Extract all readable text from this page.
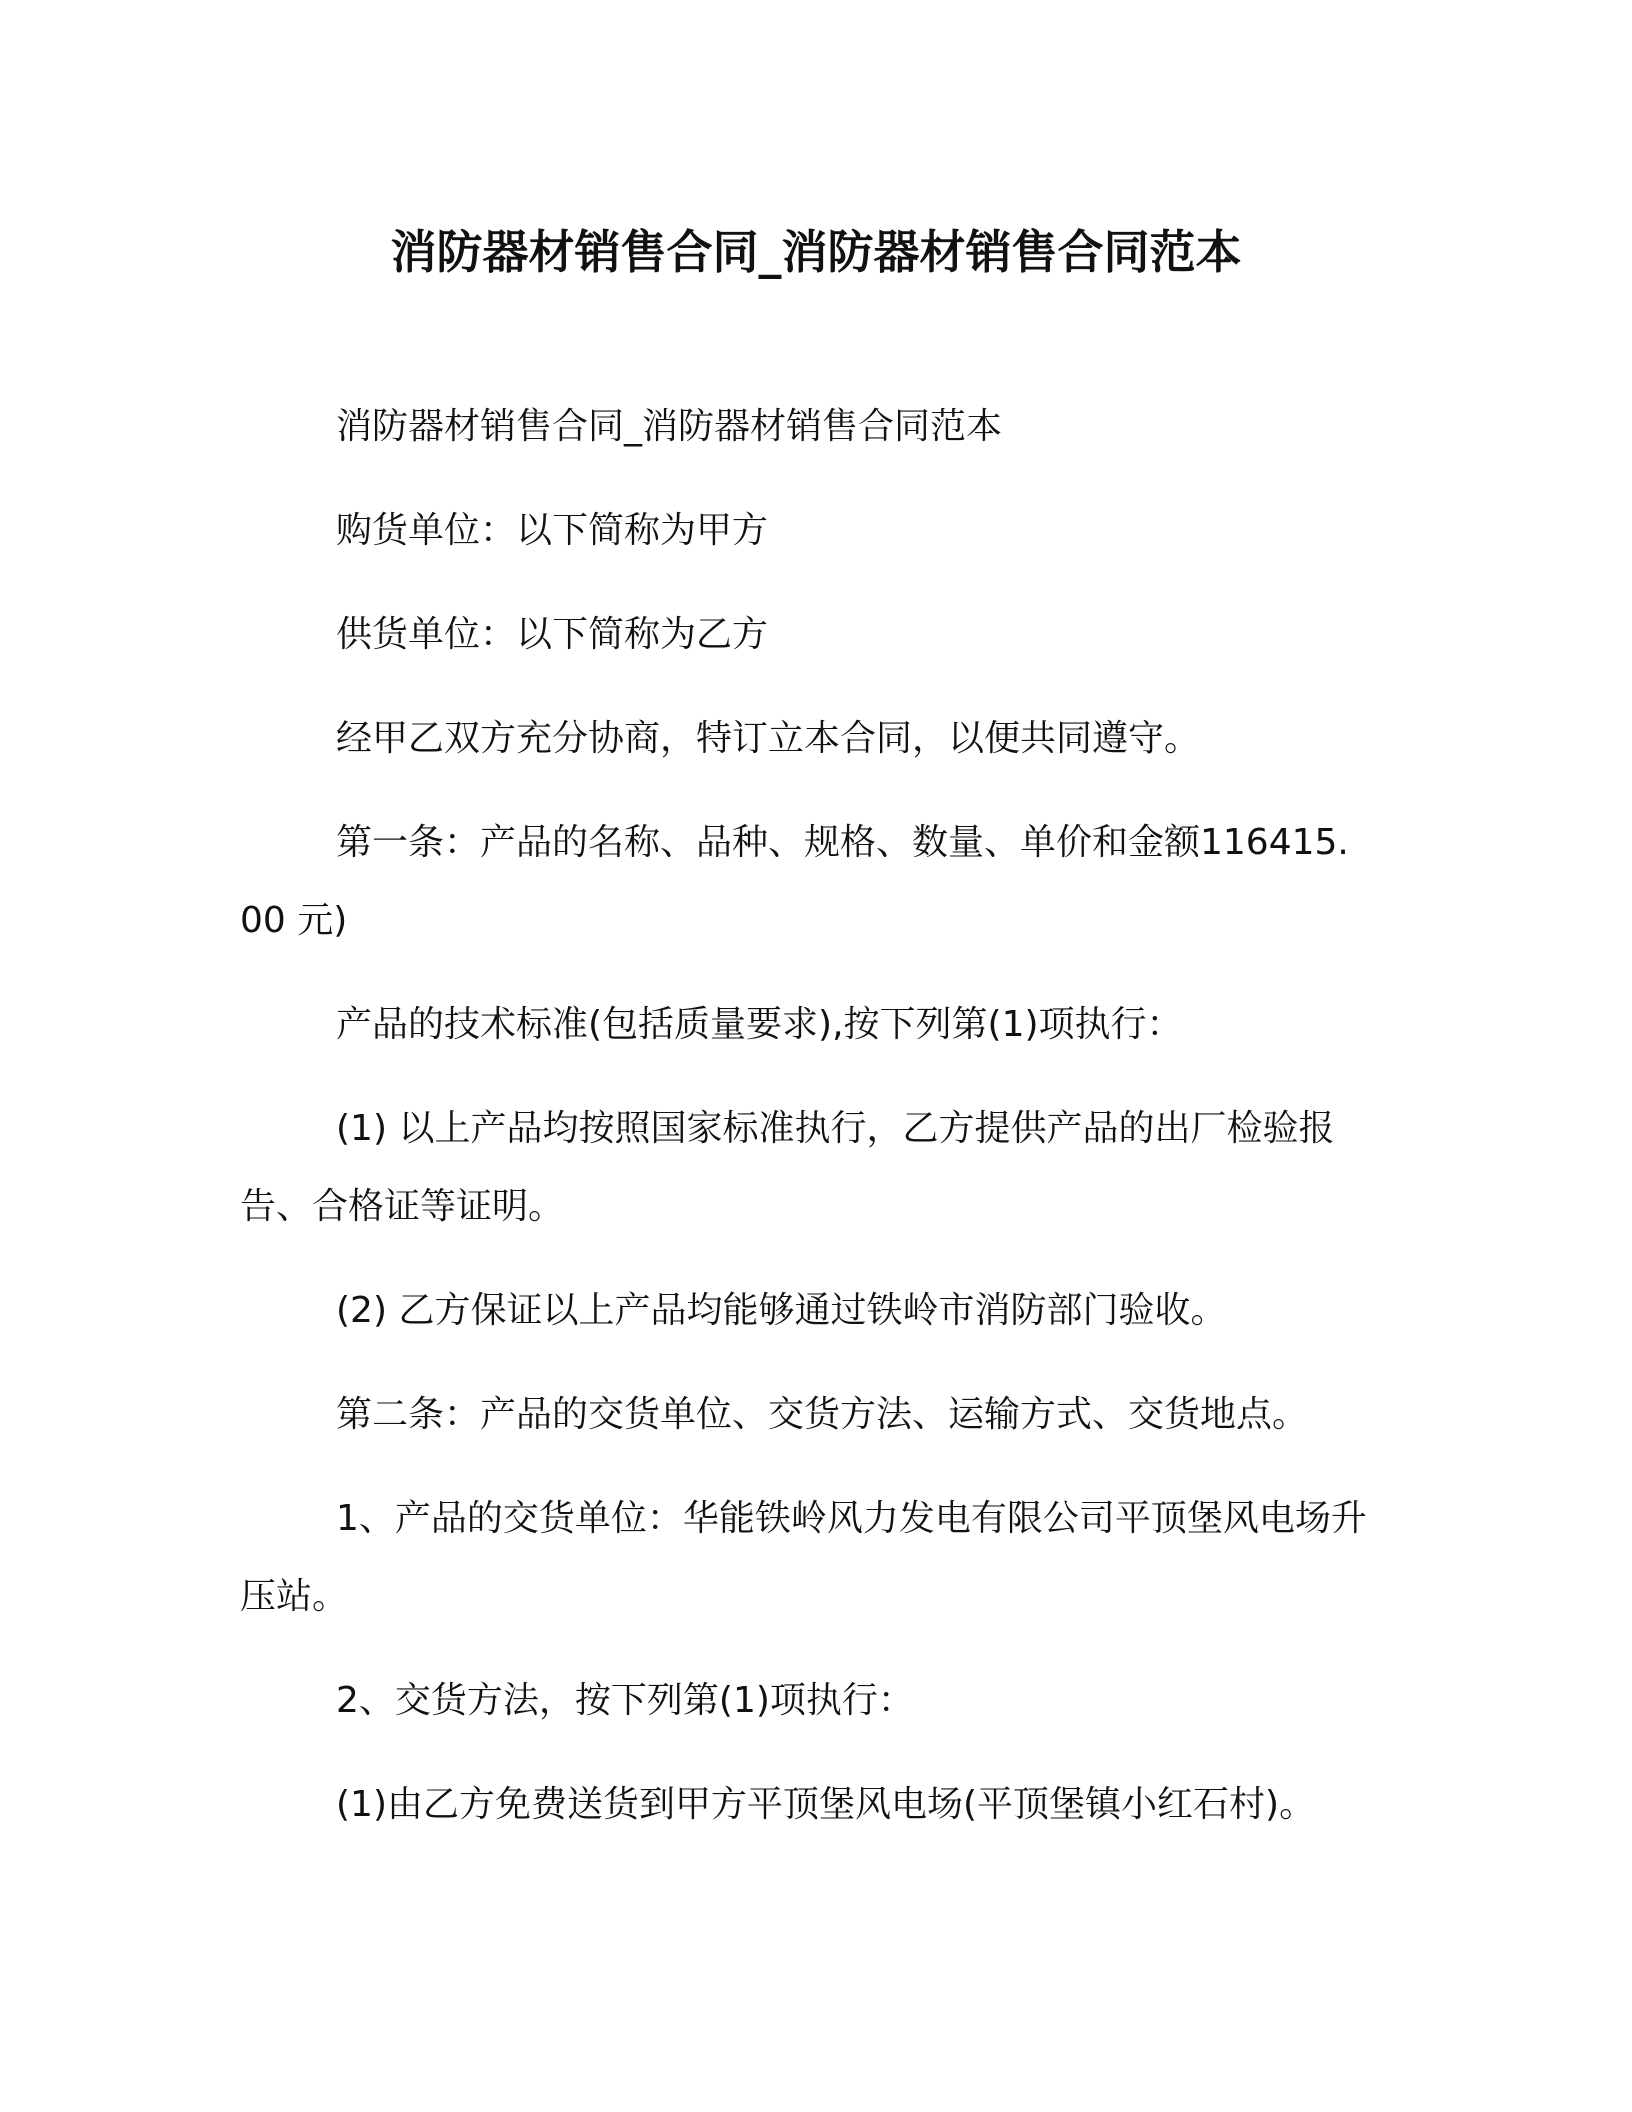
消防器材销售合同_消防器材销售合同范本

消防器材销售合同_消防器材销售合同范本

购货单位：以下简称为甲方

供货单位：以下简称为乙方

经甲乙双方充分协商，特订立本合同，以便共同遵守。

第一条：产品的名称、品种、规格、数量、单价和金额116415.00 元)

产品的技术标准(包括质量要求),按下列第(1)项执行：

(1) 以上产品均按照国家标准执行，乙方提供产品的出厂检验报告、合格证等证明。

(2) 乙方保证以上产品均能够通过铁岭市消防部门验收。

第二条：产品的交货单位、交货方法、运输方式、交货地点。

1、产品的交货单位：华能铁岭风力发电有限公司平顶堡风电场升压站。

2、交货方法，按下列第(1)项执行：

(1)由乙方免费送货到甲方平顶堡风电场(平顶堡镇小红石村)。
